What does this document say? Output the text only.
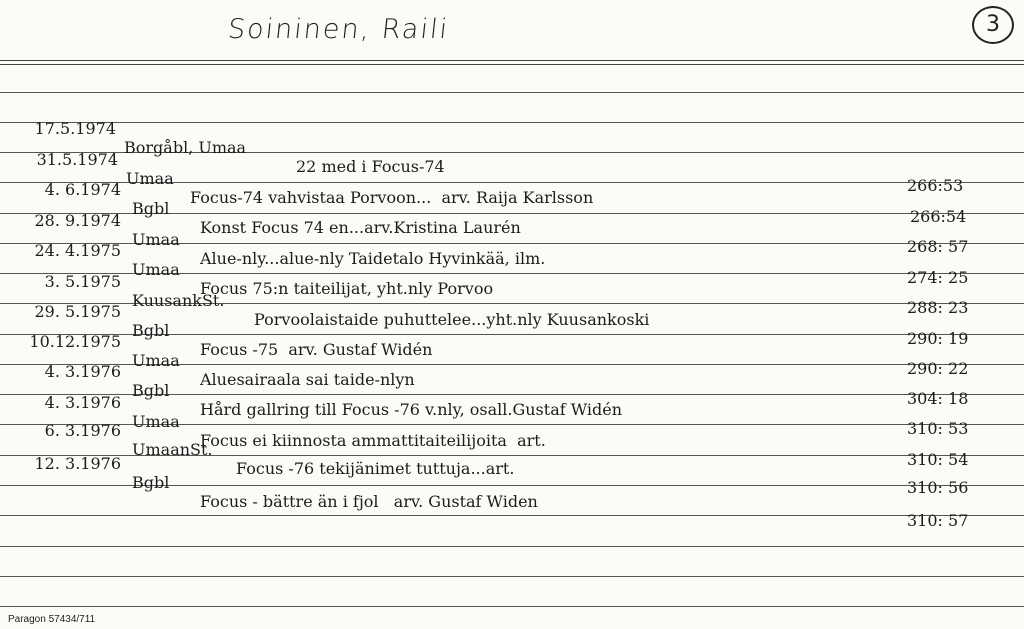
Soininen, Raili	3

17.5.1974

Borgåbl, Umaa

22 med i Focus-74

266:53

31.5.1974

Umaa

Focus-74 vahvistaa Porvoon...  arv. Raija Karlsson

266:54

4. 6.1974

Bgbl

Konst Focus 74 en...arv.Kristina Laurén

268: 57

28. 9.1974

Umaa

Alue-nly...alue-nly Taidetalo Hyvinkää, ilm.

274: 25

24. 4.1975

Umaa

Focus 75:n taiteilijat, yht.nly Porvoo

288: 23

3. 5.1975

KuusankSt.

Porvoolaistaide puhuttelee...yht.nly Kuusankoski

290: 19

29. 5.1975

Bgbl

Focus -75  arv. Gustaf Widén

290: 22

10.12.1975

Umaa

Aluesairaala sai taide-nlyn

304: 18

4. 3.1976

Bgbl

Hård gallring till Focus -76 v.nly, osall.Gustaf Widén

310: 53

4. 3.1976

Umaa

Focus ei kiinnosta ammattitaiteilijoita  art.

310: 54

6. 3.1976

UmaanSt.

Focus -76 tekijänimet tuttuja...art.

310: 56

12. 3.1976

Bgbl

Focus - bättre än i fjol   arv. Gustaf Widen

310: 57

Paragon 57434/711
